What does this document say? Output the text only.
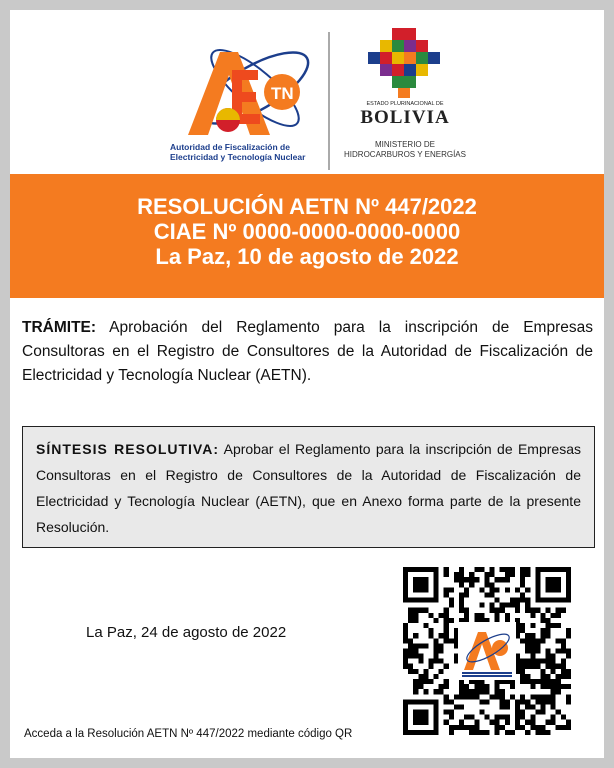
TN
Autoridad de Fiscalización de
Electricidad y Tecnología Nuclear
ESTADO PLURINACIONAL DE
BOLIVIA
MINISTERIO DE
HIDROCARBUROS Y ENERGÍAS
RESOLUCIÓN AETN Nº 447/2022
CIAE Nº 0000-0000-0000-0000
La Paz, 10 de agosto de 2022
TRÁMITE: Aprobación del Reglamento para la inscripción de Empresas Consultoras en el Registro de Consultores de la Autoridad de Fiscalización de Electricidad y Tecnología Nuclear (AETN).
SÍNTESIS RESOLUTIVA: Aprobar el Reglamento para la inscripción de Empresas Consultoras en el Registro de Consultores de la Autoridad de Fiscalización de Electricidad y Tecnología Nuclear (AETN), que en Anexo forma parte de la presente Resolución.
La Paz, 24 de agosto de 2022
Acceda a la Resolución AETN Nº 447/2022 mediante código QR
